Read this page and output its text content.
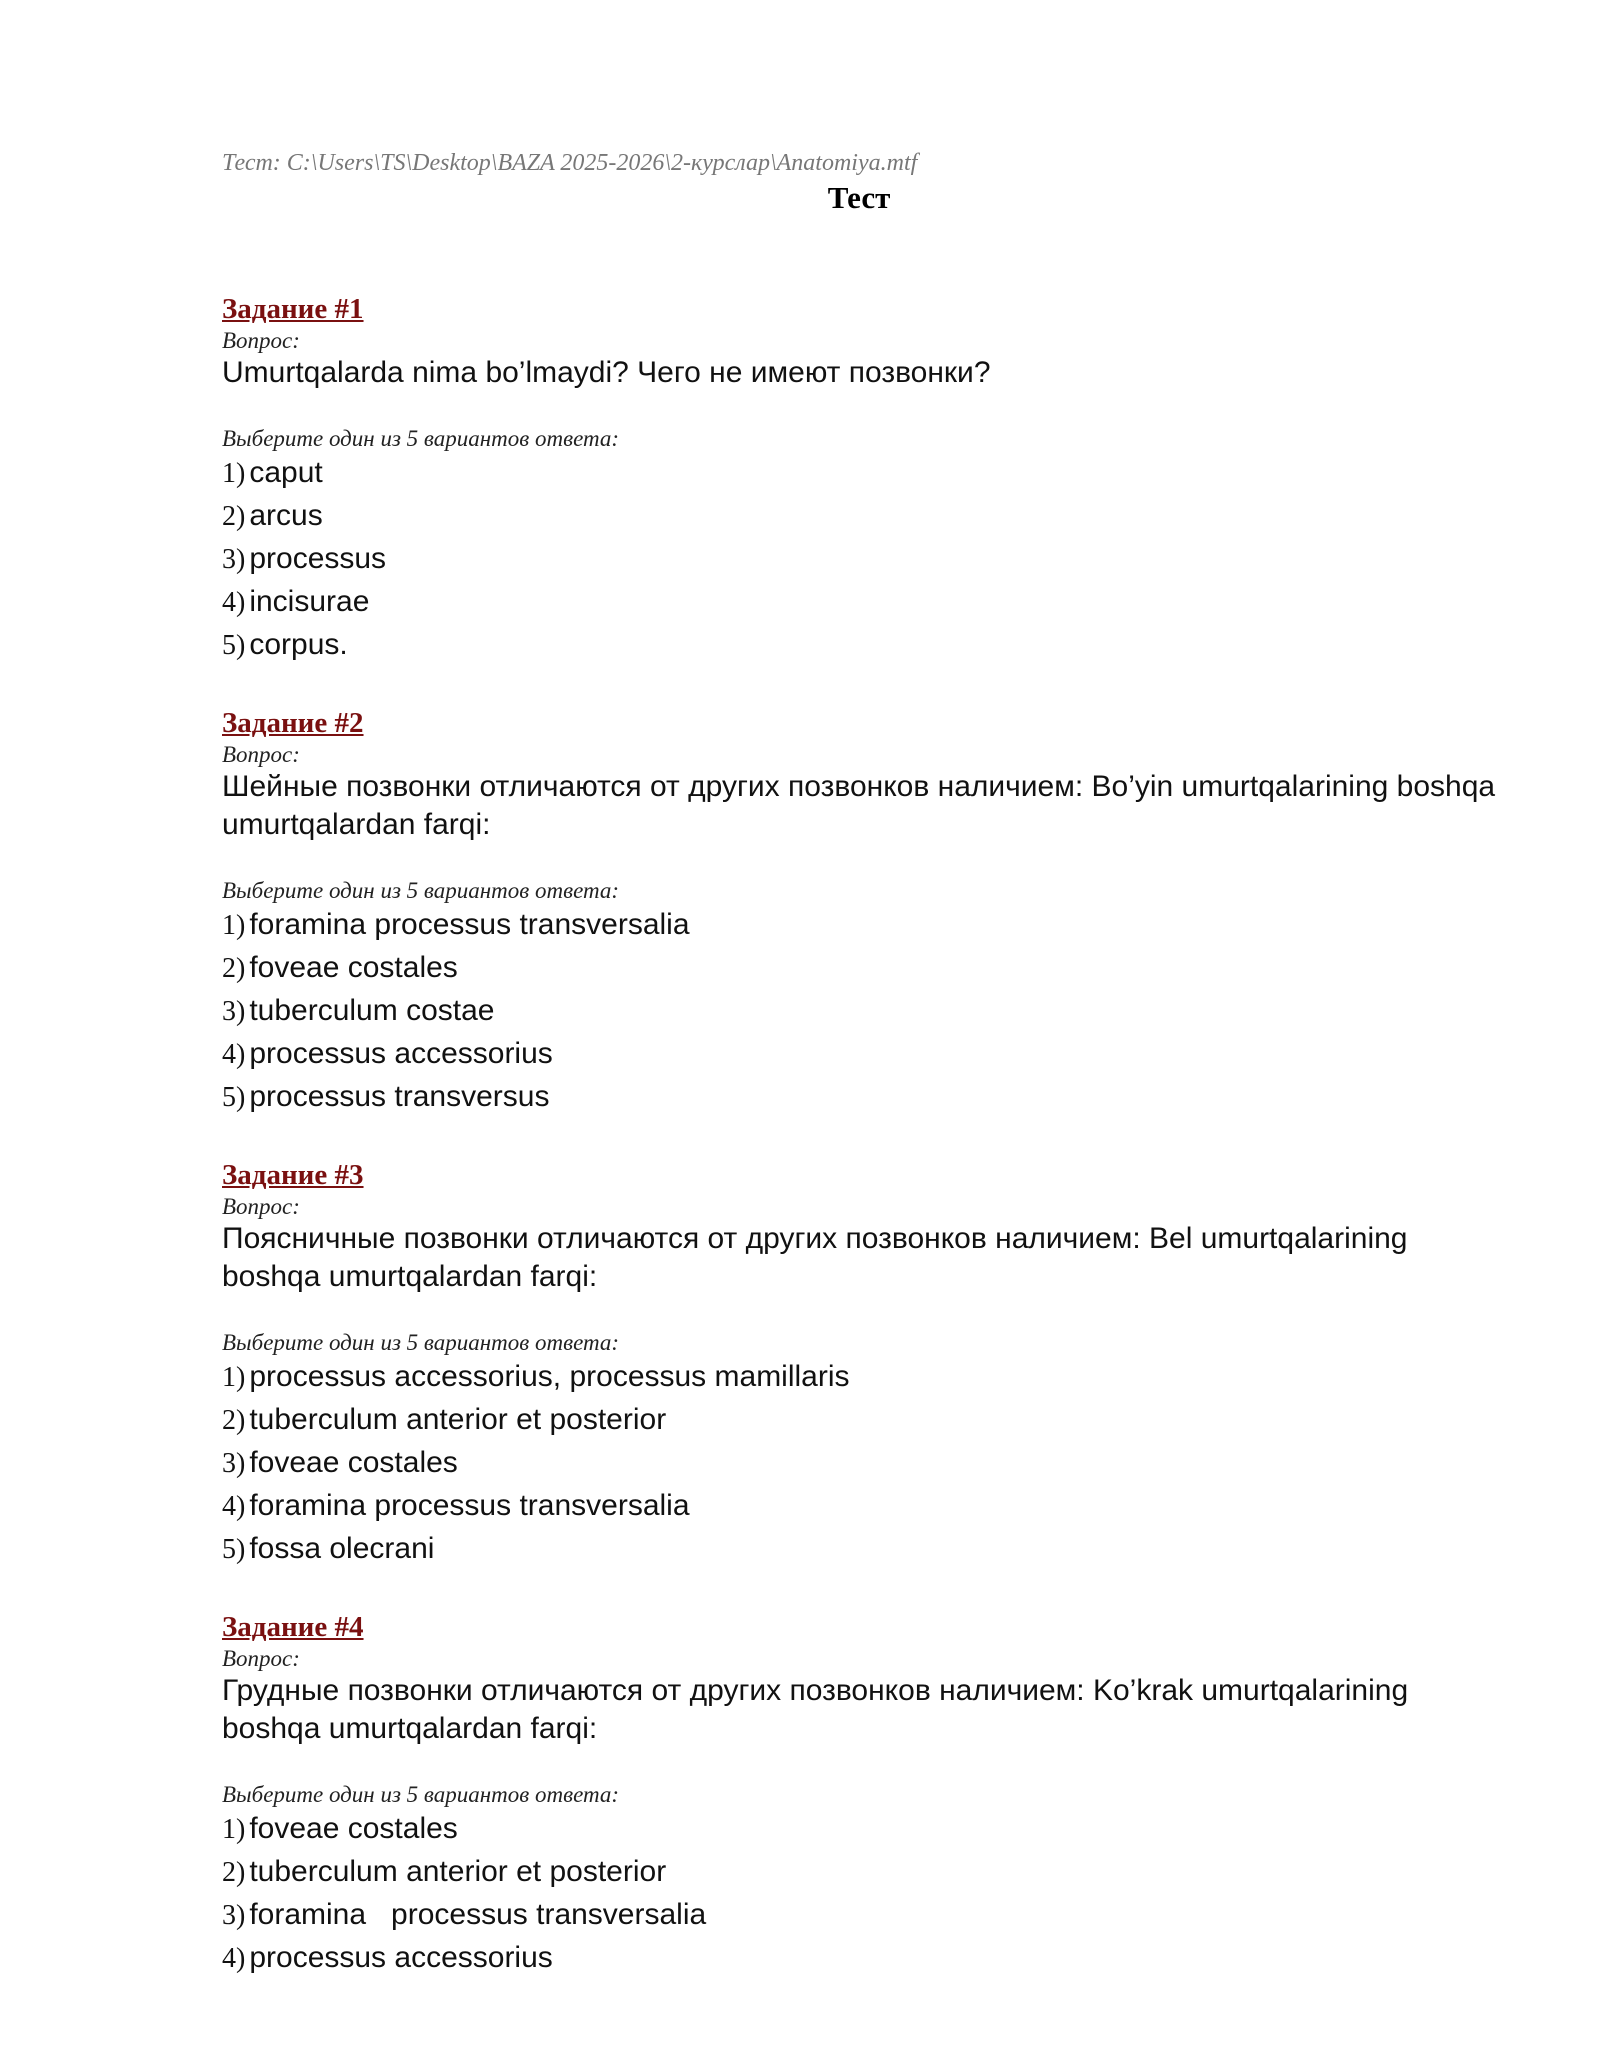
Тест: C:\Users\TS\Desktop\BAZA 2025-2026\2-курслар\Anatomiya.mtf
Тест
Задание #1
Вопрос:
Umurtqalarda nima bo’lmaydi? Чего не имеют позвонки?
Выберите один из 5 вариантов ответа:
1) caput
2) arcus
3) processus
4) incisurae
5) corpus.
Задание #2
Вопрос:
Шейные позвонки отличаются от других позвонков наличием: Bo’yin umurtqalarining boshqa umurtqalardan farqi:
Выберите один из 5 вариантов ответа:
1) foramina processus transversalia
2) foveae costales
3) tuberculum costae
4) processus accessorius
5) processus transversus
Задание #3
Вопрос:
Поясничные позвонки отличаются от других позвонков наличием: Bel umurtqalarining boshqa umurtqalardan farqi:
Выберите один из 5 вариантов ответа:
1) processus accessorius, processus mamillaris
2) tuberculum anterior et posterior
3) foveae costales
4) foramina processus transversalia
5) fossa olecrani
Задание #4
Вопрос:
Грудные позвонки отличаются от других позвонков наличием: Ko’krak umurtqalarining boshqa umurtqalardan farqi:
Выберите один из 5 вариантов ответа:
1) foveae costales
2) tuberculum anterior et posterior
3) foramina   processus transversalia
4) processus accessorius
